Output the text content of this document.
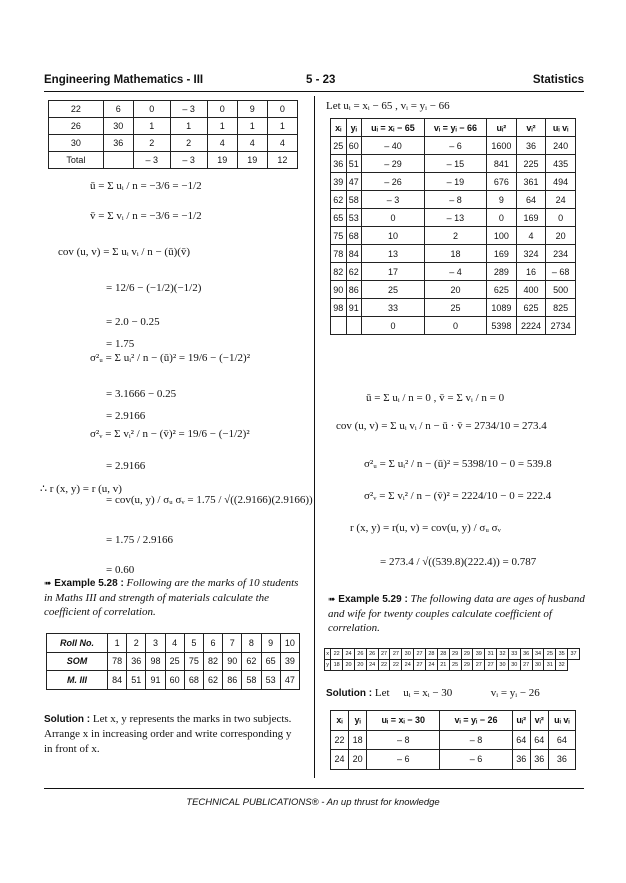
Engineering Mathematics - III	5 - 23	Statistics
22	6	0	– 3	0	9	0
26	30	1	1	1	1	1
30	36	2	2	4	4	4
Total		– 3	– 3	19	19	12
ū = Σ uᵢ / n = −3/6 = −1/2
v̄ = Σ vᵢ / n = −3/6 = −1/2
cov (u, v) = Σ uᵢ vᵢ / n − (ū)(v̄)
= 12/6 − (−1/2)(−1/2)
= 2.0 − 0.25
= 1.75
σ²ᵤ = Σ uᵢ² / n − (ū)² = 19/6 − (−1/2)²
= 3.1666 − 0.25
= 2.9166
σ²ᵥ = Σ vᵢ² / n − (v̄)² = 19/6 − (−1/2)²
= 2.9166
∴ r (x, y) = r (u, v)
= cov(u, y) / σᵤ σᵥ = 1.75 / √((2.9166)(2.9166))
= 1.75 / 2.9166
= 0.60
➠ Example 5.28 : Following are the marks of 10 students in Maths III and strength of materials calculate the coefficient of correlation.
Roll No.	1	2	3	4	5	6	7	8	9	10
SOM	78	36	98	25	75	82	90	62	65	39
M. III	84	51	91	60	68	62	86	58	53	47
Solution : Let x, y represents the marks in two subjects.
Arrange x in increasing order and write corresponding y in front of x.
Let uᵢ = xᵢ − 65 , vᵢ = yᵢ − 66
xᵢ	yᵢ	uᵢ = xᵢ − 65	vᵢ = yᵢ − 66	uᵢ²	vᵢ²	uᵢ vᵢ
25	60	– 40	– 6	1600	36	240
36	51	– 29	– 15	841	225	435
39	47	– 26	– 19	676	361	494
62	58	– 3	– 8	9	64	24
65	53	0	– 13	0	169	0
75	68	10	2	100	4	20
78	84	13	18	169	324	234
82	62	17	– 4	289	16	– 68
90	86	25	20	625	400	500
98	91	33	25	1089	625	825
		0	0	5398	2224	2734
ū = Σ uᵢ / n = 0 , v̄ = Σ vᵢ / n = 0
cov (u, v) = Σ uᵢ vᵢ / n − ū · v̄ = 2734/10 = 273.4
σ²ᵤ = Σ uᵢ² / n − (ū)² = 5398/10 − 0 = 539.8
σ²ᵥ = Σ vᵢ² / n − (v̄)² = 2224/10 − 0 = 222.4
r (x, y) = r(u, v) = cov(u, y) / σᵤ σᵥ
= 273.4 / √((539.8)(222.4)) = 0.787
➠ Example 5.29 : The following data are ages of husband and wife for twenty couples calculate coefficient of correlation.
x	22	24	26	26	27	27	30	27	28	28	29	29	39	31	32	33	36	34	25	35	37
y	18	20	20	24	22	22	24	27	24	21	25	29	27	27	30	30	27	30	31	32	
Solution : Let     uᵢ = xᵢ − 30              vᵢ = yᵢ − 26
xᵢ	yᵢ	uᵢ = xᵢ − 30	vᵢ = yᵢ − 26	uᵢ²	vᵢ²	uᵢ vᵢ
22	18	– 8	– 8	64	64	64
24	20	– 6	– 6	36	36	36
TECHNICAL PUBLICATIONS® - An up thrust for knowledge
